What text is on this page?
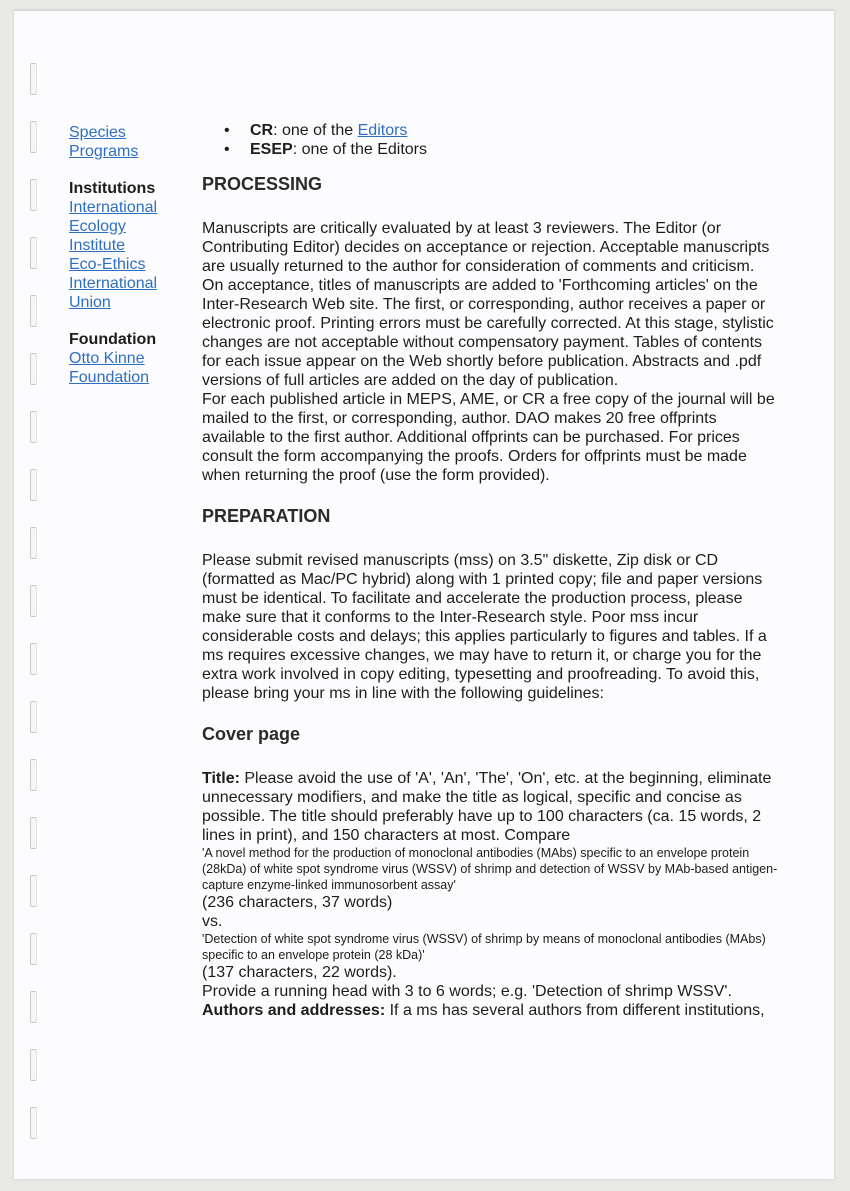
Species
Programs
Institutions
International
Ecology
Institute
Eco-Ethics
International
Union
Foundation
Otto Kinne
Foundation
• CR: one of the Editors
• ESEP: one of the Editors
PROCESSING

Manuscripts are critically evaluated by at least 3 reviewers. The Editor (or Contributing Editor) decides on acceptance or rejection. Acceptable manuscripts are usually returned to the author for consideration of comments and criticism.

On acceptance, titles of manuscripts are added to 'Forthcoming articles' on the Inter-Research Web site. The first, or corresponding, author receives a paper or electronic proof. Printing errors must be carefully corrected. At this stage, stylistic changes are not acceptable without compensatory payment. Tables of contents for each issue appear on the Web shortly before publication. Abstracts and .pdf versions of full articles are added on the day of publication.

For each published article in MEPS, AME, or CR a free copy of the journal will be mailed to the first, or corresponding, author. DAO makes 20 free offprints available to the first author. Additional offprints can be purchased. For prices consult the form accompanying the proofs. Orders for offprints must be made when returning the proof (use the form provided).

PREPARATION

Please submit revised manuscripts (mss) on 3.5" diskette, Zip disk or CD (formatted as Mac/PC hybrid) along with 1 printed copy; file and paper versions must be identical. To facilitate and accelerate the production process, please make sure that it conforms to the Inter-Research style. Poor mss incur considerable costs and delays; this applies particularly to figures and tables. If a ms requires excessive changes, we may have to return it, or charge you for the extra work involved in copy editing, typesetting and proofreading. To avoid this, please bring your ms in line with the following guidelines:

Cover page

Title: Please avoid the use of 'A', 'An', 'The', 'On', etc. at the beginning, eliminate unnecessary modifiers, and make the title as logical, specific and concise as possible. The title should preferably have up to 100 characters (ca. 15 words, 2 lines in print), and 150 characters at most. Compare

'A novel method for the production of monoclonal antibodies (MAbs) specific to an envelope protein (28kDa) of white spot syndrome virus (WSSV) of shrimp and detection of WSSV by MAb-based antigen-capture enzyme-linked immunosorbent assay'

(236 characters, 37 words)

vs.

'Detection of white spot syndrome virus (WSSV) of shrimp by means of monoclonal antibodies (MAbs) specific to an envelope protein (28 kDa)'

(137 characters, 22 words).

Provide a running head with 3 to 6 words; e.g. 'Detection of shrimp WSSV'.

Authors and addresses: If a ms has several authors from different institutions,
